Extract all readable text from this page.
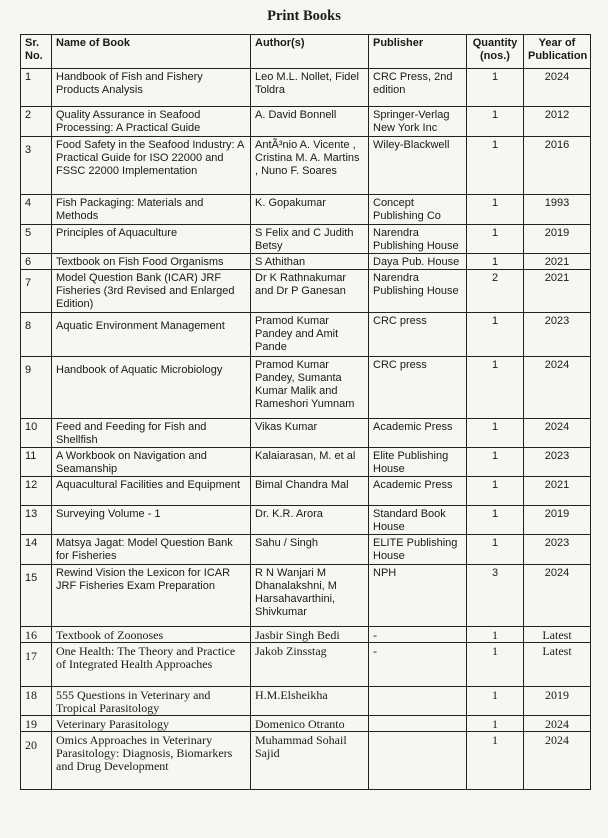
Print Books
Sr. No.	Name of Book	Author(s)	Publisher	Quantity (nos.)	Year of Publication
1	Handbook of Fish and Fishery Products Analysis	Leo M.L. Nollet, Fidel Toldra	CRC Press, 2nd edition	1	2024
2	Quality Assurance in Seafood Processing: A Practical Guide	A. David Bonnell	Springer-Verlag New York Inc	1	2012
3	Food Safety in the Seafood Industry: A Practical Guide for ISO 22000 and FSSC 22000 Implementation	AntÃ³nio A. Vicente , Cristina M. A. Martins , Nuno F. Soares	Wiley-Blackwell	1	2016
4	Fish Packaging: Materials and Methods	K. Gopakumar	Concept Publishing Co	1	1993
5	Principles of Aquaculture	S Felix and C Judith Betsy	Narendra Publishing House	1	2019
6	Textbook on Fish Food Organisms	S Athithan	Daya Pub. House	1	2021
7	Model Question Bank (ICAR) JRF Fisheries (3rd Revised and Enlarged Edition)	Dr K Rathnakumar and Dr P Ganesan	Narendra Publishing House	2	2021
8	Aquatic Environment Management	Pramod Kumar Pandey and Amit Pande	CRC press	1	2023
9	Handbook of Aquatic Microbiology	Pramod Kumar Pandey, Sumanta Kumar Malik and Rameshori Yumnam	CRC press	1	2024
10	Feed and Feeding for Fish and Shellfish	Vikas Kumar	Academic Press	1	2024
11	A Workbook on Navigation and Seamanship	Kalaiarasan, M. et al	Elite Publishing House	1	2023
12	Aquacultural Facilities and Equipment	Bimal Chandra Mal	Academic Press	1	2021
13	Surveying Volume - 1	Dr. K.R. Arora	Standard Book House	1	2019
14	Matsya Jagat: Model Question Bank for Fisheries	Sahu / Singh	ELITE Publishing House	1	2023
15	Rewind Vision the Lexicon for ICAR JRF Fisheries Exam Preparation	R N Wanjari M Dhanalakshni, M Harsahavarthini, Shivkumar	NPH	3	2024
16	Textbook of Zoonoses	Jasbir Singh Bedi	-	1	Latest
17	One Health: The Theory and Practice of Integrated Health Approaches	Jakob Zinsstag	-	1	Latest
18	555 Questions in Veterinary and Tropical Parasitology	H.M.Elsheikha		1	2019
19	Veterinary Parasitology	Domenico Otranto		1	2024
20	Omics Approaches in Veterinary Parasitology: Diagnosis, Biomarkers and Drug Development	Muhammad Sohail Sajid		1	2024
